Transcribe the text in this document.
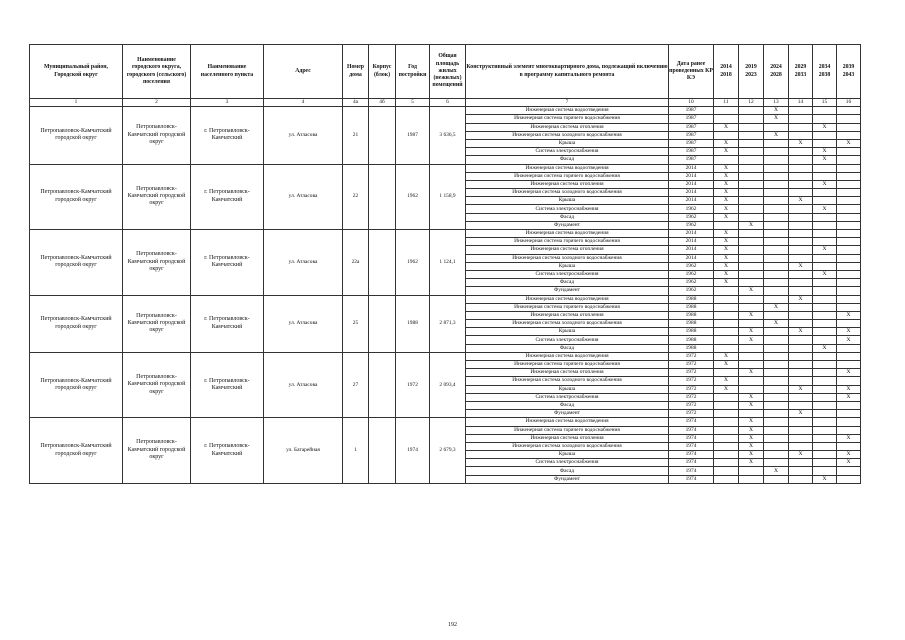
Муниципальный район, Городской округ	Наименование городского округа, городского (сельского) поселения	Наименование населенного пункта	Адрес	Номер дома	Корпус (блок)	Год постройки	Общая площадь жилых (нежилых) помещений	Конструктивный элемент многоквартирного дома, подлежащий включению в программу капитального ремонта	Дата ранее проведенных КР КЭ	2014 2018	2019 2023	2024 2028	2029 2033	2034 2038	2039 2043
1	2	3	4	4а	4б	5	6	7	10	11	12	13	14	15	16
Петропавловск-Камчатский городской округ	Петропавловск-Камчатский городской округ	г. Петропавловск-Камчатский	ул. Атласова	21		1987	3 636,5	Инженерная система водоотведения	1987			X			
								Инженерная система горячего водоснабжения	1987			X			
								Инженерная система отопления	1987	X				X	
								Инженерная система холодного водоснабжения	1987			X			
								Крыша	1987	X			X		X
								Система электроснабжения	1987	X				X	
								Фасад	1987					X	
Петропавловск-Камчатский городской округ	Петропавловск-Камчатский городской округ	г. Петропавловск-Камчатский	ул. Атласова	22		1962	1 158,9	Инженерная система водоотведения	2014	X					
								Инженерная система горячего водоснабжения	2014	X					
								Инженерная система отопления	2014	X				X	
								Инженерная система холодного водоснабжения	2014	X					
								Крыша	2014	X			X		
								Система электроснабжения	1962	X				X	
								Фасад	1962	X					
								Фундамент	1962		X				
Петропавловск-Камчатский городской округ	Петропавловск-Камчатский городской округ	г. Петропавловск-Камчатский	ул. Атласова	22а		1962	1 124,1	Инженерная система водоотведения	2014	X					
								Инженерная система горячего водоснабжения	2014	X					
								Инженерная система отопления	2014	X				X	
								Инженерная система холодного водоснабжения	2014	X					
								Крыша	1962	X			X		
								Система электроснабжения	1962	X				X	
								Фасад	1962	X					
								Фундамент	1962		X				
Петропавловск-Камчатский городской округ	Петропавловск-Камчатский городской округ	г. Петропавловск-Камчатский	ул. Атласова	25		1988	2 871,3	Инженерная система водоотведения	1988				X		
								Инженерная система горячего водоснабжения	1988			X			
								Инженерная система отопления	1988		X				X
								Инженерная система холодного водоснабжения	1988			X			
								Крыша	1988		X		X		X
								Система электроснабжения	1988		X				X
								Фасад	1988					X	
Петропавловск-Камчатский городской округ	Петропавловск-Камчатский городской округ	г. Петропавловск-Камчатский	ул. Атласова	27		1972	2 093,4	Инженерная система водоотведения	1972	X					
								Инженерная система горячего водоснабжения	1972	X					
								Инженерная система отопления	1972		X				X
								Инженерная система холодного водоснабжения	1972	X					
								Крыша	1972	X			X		X
								Система электроснабжения	1972		X				X
								Фасад	1972		X				
								Фундамент	1972				X		
Петропавловск-Камчатский городской округ	Петропавловск-Камчатский городской округ	г. Петропавловск-Камчатский	ул. Батарейная	1		1974	2 679,3	Инженерная система водоотведения	1974		X				
								Инженерная система горячего водоснабжения	1974		X				
								Инженерная система отопления	1974		X				X
								Инженерная система холодного водоснабжения	1974		X				
								Крыша	1974		X		X		X
								Система электроснабжения	1974		X				X
								Фасад	1974			X			
								Фундамент	1974					X	
192
